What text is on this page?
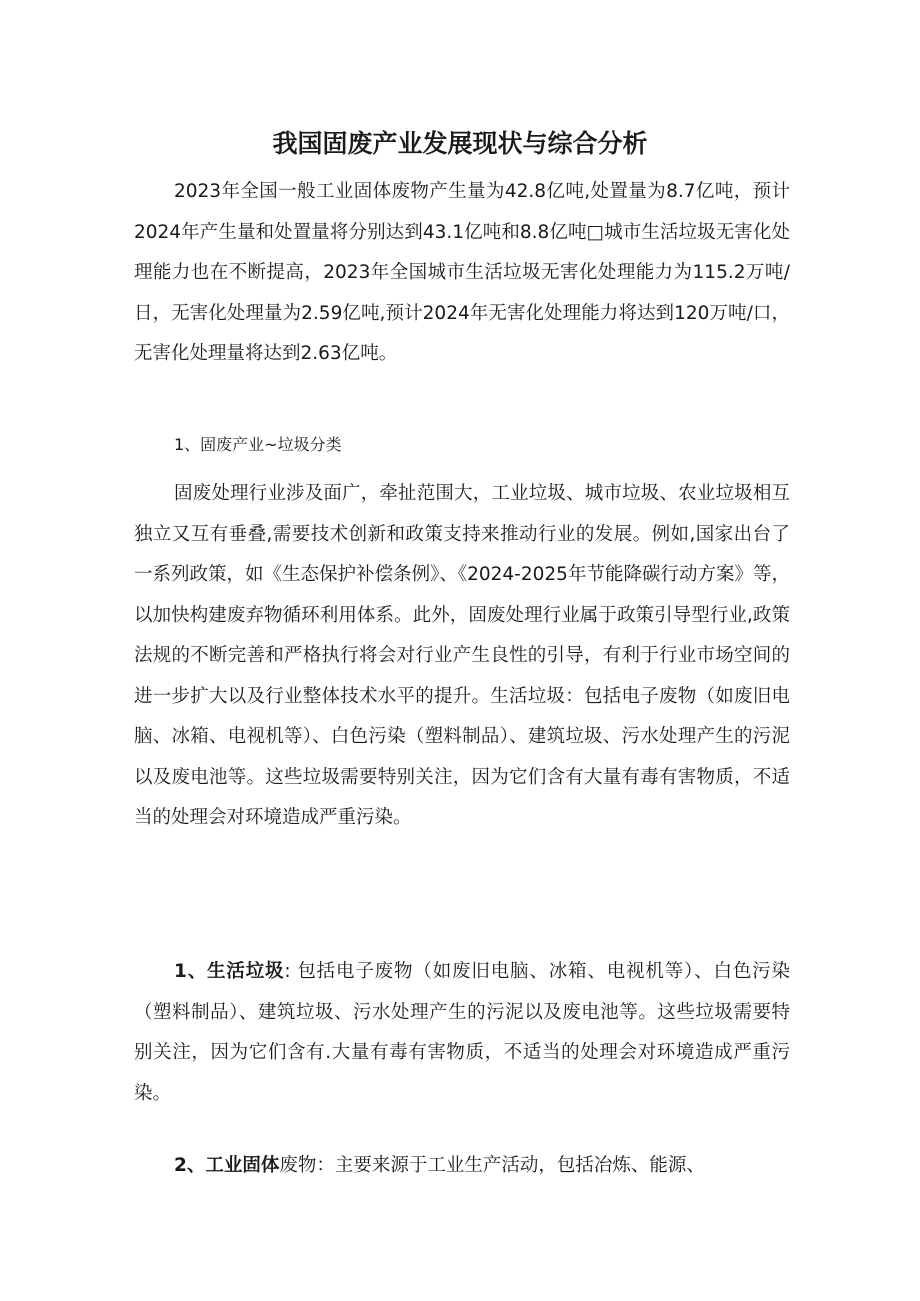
我国固废产业发展现状与综合分析

2023年全国一般工业固体废物产生量为42.8亿吨,处置量为8.7亿吨，预计2024年产生量和处置量将分别达到43.1亿吨和8.8亿吨□城市生活垃圾无害化处理能力也在不断提高，2023年全国城市生活垃圾无害化处理能力为115.2万吨/日，无害化处理量为2.59亿吨,预计2024年无害化处理能力将达到120万吨/口，无害化处理量将达到2.63亿吨。

1、固废产业~垃圾分类

固废处理行业涉及面广，牵扯范围大，工业垃圾、城市垃圾、农业垃圾相互独立又互有垂叠,需要技术创新和政策支持来推动行业的发展。例如,国家出台了一系列政策，如《生态保护补偿条例》、《2024-2025年节能降碳行动方案》等，以加快构建废弃物循环利用体系。此外，固废处理行业属于政策引导型行业,政策法规的不断完善和严格执行将会对行业产生良性的引导，有利于行业市场空间的进一步扩大以及行业整体技术水平的提升。生活垃圾：包括电子废物（如废旧电脑、冰箱、电视机等）、白色污染（塑料制品）、建筑垃圾、污水处理产生的污泥以及废电池等。这些垃圾需要特别关注，因为它们含有大量有毒有害物质，不适当的处理会对环境造成严重污染。

1、生活垃圾: 包括电子废物（如废旧电脑、冰箱、电视机等）、白色污染（塑料制品）、建筑垃圾、污水处理产生的污泥以及废电池等。这些垃圾需要特别关注，因为它们含有.大量有毒有害物质，不适当的处理会对环境造成严重污染。

2、工业固体废物：主要来源于工业生产活动，包括冶炼、能源、
